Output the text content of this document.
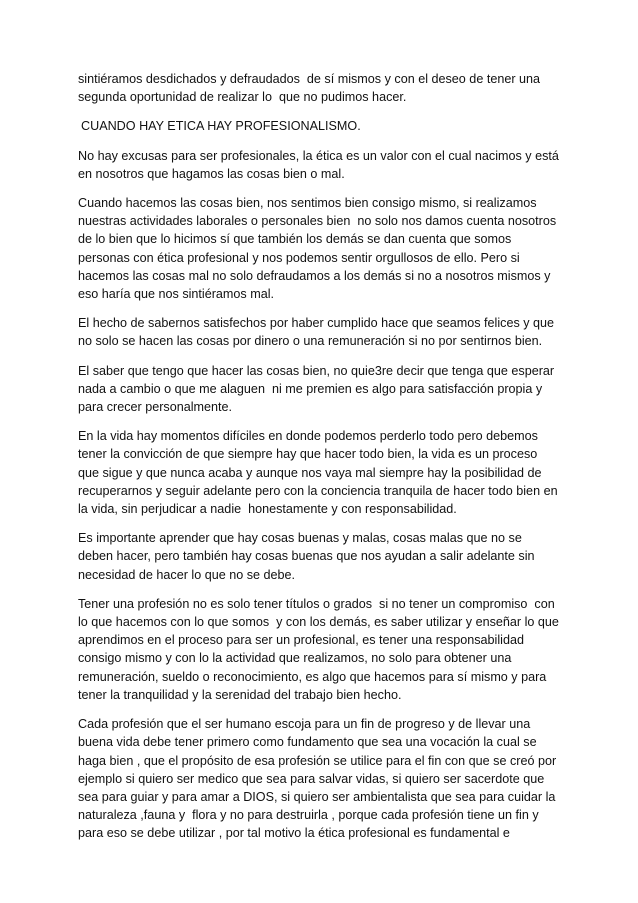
sintiéramos desdichados y defraudados  de sí mismos y con el deseo de tener una
segunda oportunidad de realizar lo  que no pudimos hacer.
CUANDO HAY ETICA HAY PROFESIONALISMO.
No hay excusas para ser profesionales, la ética es un valor con el cual nacimos y está
en nosotros que hagamos las cosas bien o mal.
Cuando hacemos las cosas bien, nos sentimos bien consigo mismo, si realizamos
nuestras actividades laborales o personales bien  no solo nos damos cuenta nosotros
de lo bien que lo hicimos sí que también los demás se dan cuenta que somos
personas con ética profesional y nos podemos sentir orgullosos de ello. Pero si
hacemos las cosas mal no solo defraudamos a los demás si no a nosotros mismos y
eso haría que nos sintiéramos mal.
El hecho de sabernos satisfechos por haber cumplido hace que seamos felices y que
no solo se hacen las cosas por dinero o una remuneración si no por sentirnos bien.
El saber que tengo que hacer las cosas bien, no quie3re decir que tenga que esperar
nada a cambio o que me alaguen  ni me premien es algo para satisfacción propia y
para crecer personalmente.
En la vida hay momentos difíciles en donde podemos perderlo todo pero debemos
tener la convicción de que siempre hay que hacer todo bien, la vida es un proceso
que sigue y que nunca acaba y aunque nos vaya mal siempre hay la posibilidad de
recuperarnos y seguir adelante pero con la conciencia tranquila de hacer todo bien en
la vida, sin perjudicar a nadie  honestamente y con responsabilidad.
Es importante aprender que hay cosas buenas y malas, cosas malas que no se
deben hacer, pero también hay cosas buenas que nos ayudan a salir adelante sin
necesidad de hacer lo que no se debe.
Tener una profesión no es solo tener títulos o grados  si no tener un compromiso  con
lo que hacemos con lo que somos  y con los demás, es saber utilizar y enseñar lo que
aprendimos en el proceso para ser un profesional, es tener una responsabilidad
consigo mismo y con lo la actividad que realizamos, no solo para obtener una
remuneración, sueldo o reconocimiento, es algo que hacemos para sí mismo y para
tener la tranquilidad y la serenidad del trabajo bien hecho.
Cada profesión que el ser humano escoja para un fin de progreso y de llevar una
buena vida debe tener primero como fundamento que sea una vocación la cual se
haga bien , que el propósito de esa profesión se utilice para el fin con que se creó por
ejemplo si quiero ser medico que sea para salvar vidas, si quiero ser sacerdote que
sea para guiar y para amar a DIOS, si quiero ser ambientalista que sea para cuidar la
naturaleza ,fauna y  flora y no para destruirla , porque cada profesión tiene un fin y
para eso se debe utilizar , por tal motivo la ética profesional es fundamental e
